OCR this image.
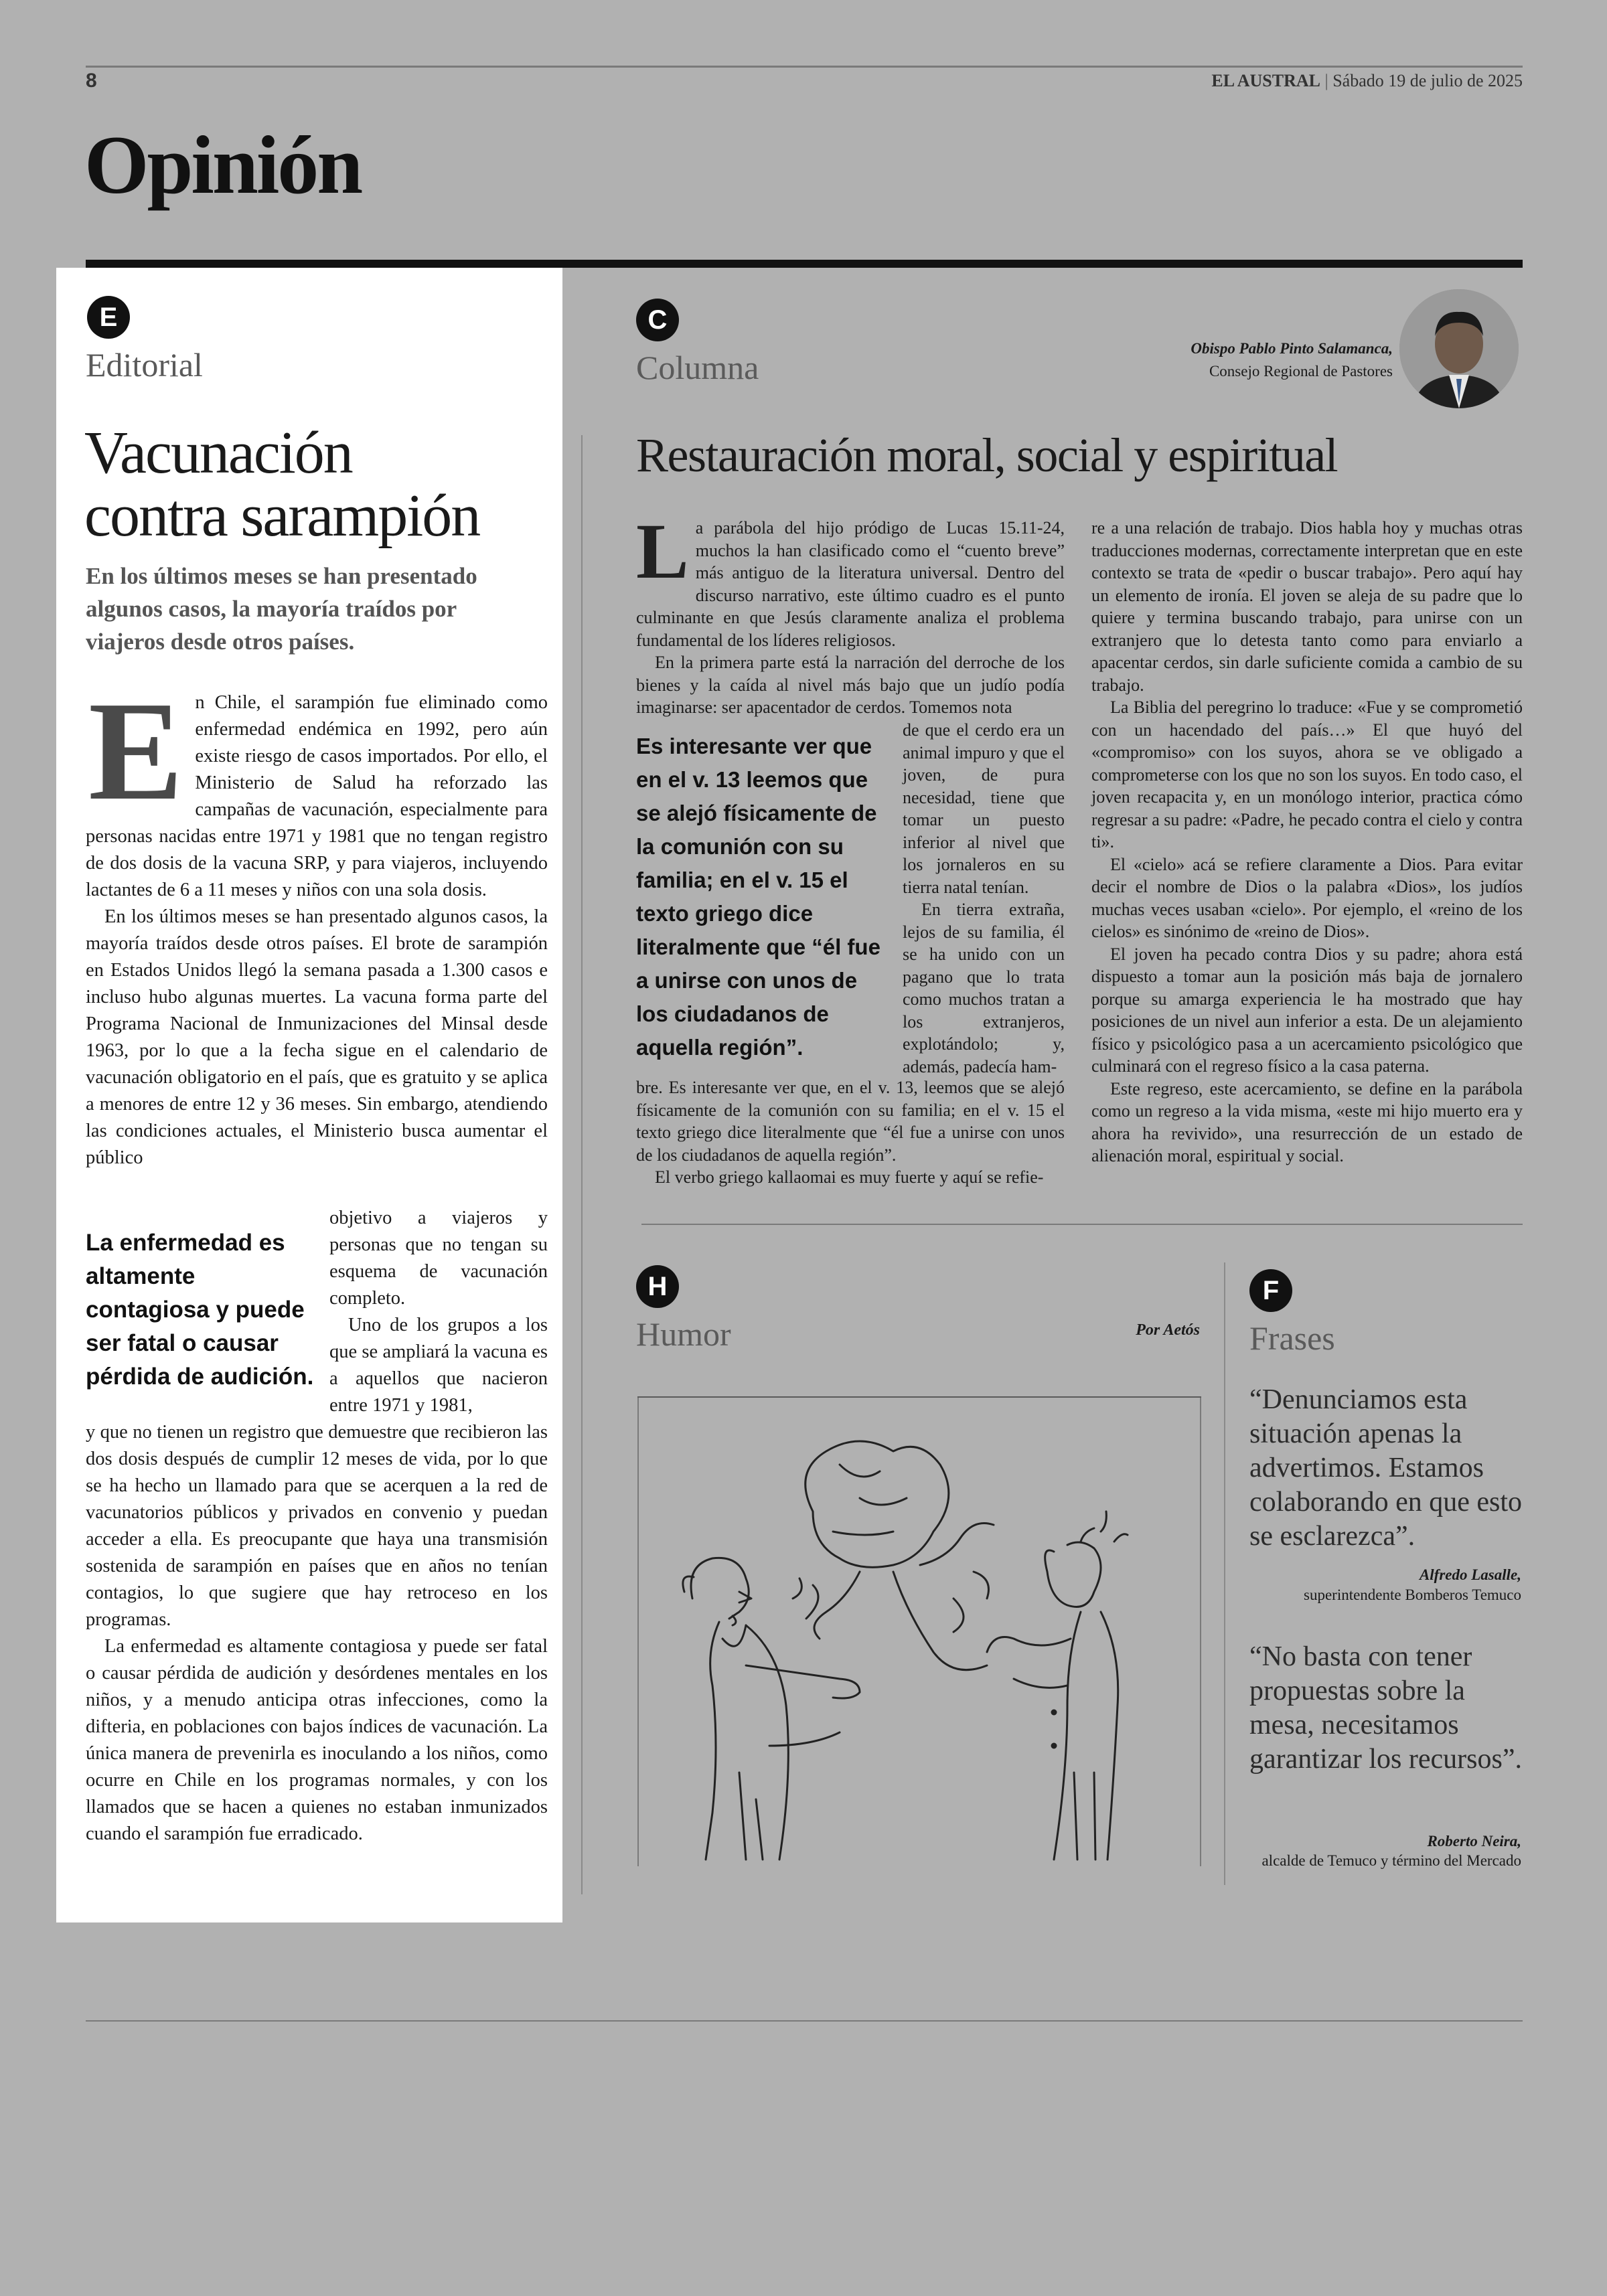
8	EL AUSTRAL | Sábado 19 de julio de 2025
Opinión
E
Editorial
Vacunación
contra sarampión
En los últimos meses se han presentado algunos casos, la mayoría traídos por viajeros desde otros países.
E n Chile, el sarampión fue eliminado como enfermedad endémica en 1992, pero aún existe riesgo de casos importados. Por ello, el Ministerio de Salud ha reforzado las campañas de vacunación, especialmente para personas nacidas entre 1971 y 1981 que no tengan registro de dos dosis de la vacuna SRP, y para viajeros, incluyendo lactantes de 6 a 11 meses y niños con una sola dosis.

En los últimos meses se han presentado algunos casos, la mayoría traídos desde otros países. El brote de sarampión en Estados Unidos llegó la semana pasada a 1.300 casos e incluso hubo algunas muertes. La vacuna forma parte del Programa Nacional de Inmunizaciones del Minsal desde 1963, por lo que a la fecha sigue en el calendario de vacunación obligatorio en el país, que es gratuito y se aplica a menores de entre 12 y 36 meses. Sin embargo, atendiendo las condiciones actuales, el Ministerio busca aumentar el público

La enfermedad es altamente contagiosa y puede ser fatal o causar pérdida de audición.

objetivo a viajeros y personas que no tengan su esquema de vacunación completo.

Uno de los grupos a los que se ampliará la vacuna es a aquellos que nacieron entre 1971 y 1981,

y que no tienen un registro que demuestre que recibieron las dos dosis después de cumplir 12 meses de vida, por lo que se ha hecho un llamado para que se acerquen a la red de vacunatorios públicos y privados en convenio y puedan acceder a ella. Es preocupante que haya una transmisión sostenida de sarampión en países que en años no tenían contagios, lo que sugiere que hay retroceso en los programas.

La enfermedad es altamente contagiosa y puede ser fatal o causar pérdida de audición y desórdenes mentales en los niños, y a menudo anticipa otras infecciones, como la difteria, en poblaciones con bajos índices de vacunación. La única manera de prevenirla es inoculando a los niños, como ocurre en Chile en los programas normales, y con los llamados que se hacen a quienes no estaban inmunizados cuando el sarampión fue erradicado.

C
Columna
Obispo Pablo Pinto Salamanca,
Consejo Regional de Pastores
Restauración moral, social y espiritual
L a parábola del hijo pródigo de Lucas 15.11-24, muchos la han clasificado como el “cuento breve” más antiguo de la literatura universal. Dentro del discurso narrativo, este último cuadro es el punto culminante en que Jesús claramente analiza el problema fundamental de los líderes religiosos.

En la primera parte está la narración del derroche de los bienes y la caída al nivel más bajo que un judío podía imaginarse: ser apacentador de cerdos. Tomemos nota

Es interesante ver que en el v. 13 leemos que se alejó físicamente de la comunión con su familia; en el v. 15 el texto griego dice literalmente que “él fue a unirse con unos de los ciudadanos de aquella región”.

de que el cerdo era un animal impuro y que el joven, de pura necesidad, tiene que tomar un puesto inferior al nivel que los jornaleros en su tierra natal tenían.

En tierra extraña, lejos de su familia, él se ha unido con un pagano que lo trata como muchos tratan a los extranjeros, explotándolo; y, además, padecía ham-

bre. Es interesante ver que, en el v. 13, leemos que se alejó físicamente de la comunión con su familia; en el v. 15 el texto griego dice literalmente que “él fue a unirse con unos de los ciudadanos de aquella región”.

El verbo griego kallaomai es muy fuerte y aquí se refie-

re a una relación de trabajo. Dios habla hoy y muchas otras traducciones modernas, correctamente interpretan que en este contexto se trata de «pedir o buscar trabajo». Pero aquí hay un elemento de ironía. El joven se aleja de su padre que lo quiere y termina buscando trabajo, para unirse con un extranjero que lo detesta tanto como para enviarlo a apacentar cerdos, sin darle suficiente comida a cambio de su trabajo.

La Biblia del peregrino lo traduce: «Fue y se comprometió con un hacendado del país…» El que huyó del «compromiso» con los suyos, ahora se ve obligado a comprometerse con los que no son los suyos. En todo caso, el joven recapacita y, en un monólogo interior, practica cómo regresar a su padre: «Padre, he pecado contra el cielo y contra ti».

El «cielo» acá se refiere claramente a Dios. Para evitar decir el nombre de Dios o la palabra «Dios», los judíos muchas veces usaban «cielo». Por ejemplo, el «reino de los cielos» es sinónimo de «reino de Dios».

El joven ha pecado contra Dios y su padre; ahora está dispuesto a tomar aun la posición más baja de jornalero porque su amarga experiencia le ha mostrado que hay posiciones de un nivel aun inferior a esta. De un alejamiento físico y psicológico pasa a un acercamiento psicológico que culminará con el regreso físico a la casa paterna.

Este regreso, este acercamiento, se define en la parábola como un regreso a la vida misma, «este mi hijo muerto era y ahora ha revivido», una resurrección de un estado de alienación moral, espiritual y social.

H
Humor	Por Aetós
F
Frases
“Denunciamos esta situación apenas la advertimos. Estamos colaborando en que esto se esclarezca”.
Alfredo Lasalle,
superintendente Bomberos Temuco
“No basta con tener propuestas sobre la mesa, necesitamos garantizar los recursos”.
Roberto Neira,
alcalde de Temuco y término del Mercado
